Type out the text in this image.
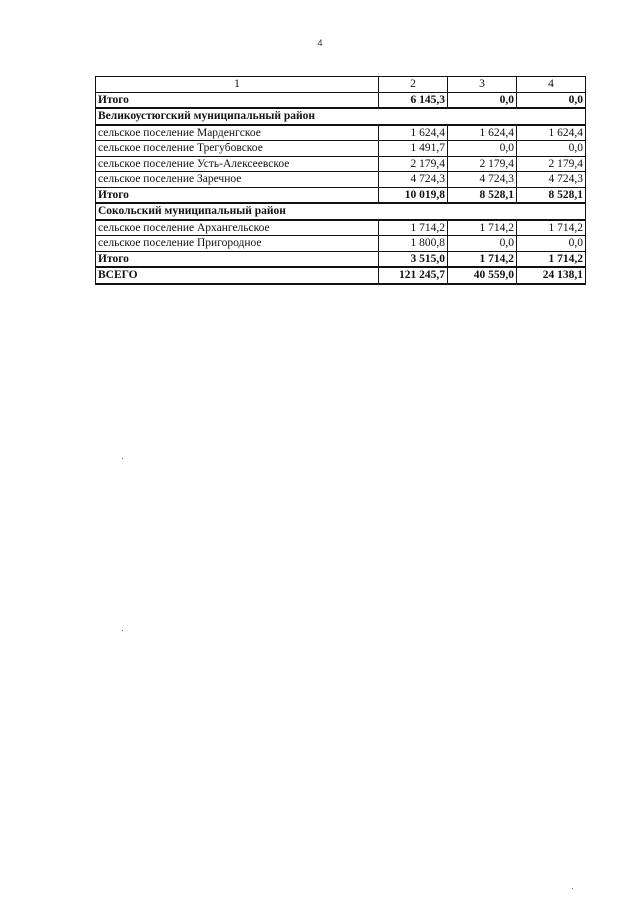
4
1	2	3	4
Итого	6 145,3	0,0	0,0
Великоустюгский муниципальный район			
сельское поселение Марденгское	1 624,4	1 624,4	1 624,4
сельское поселение Трегубовское	1 491,7	0,0	0,0
сельское поселение Усть-Алексеевское	2 179,4	2 179,4	2 179,4
сельское поселение Заречное	4 724,3	4 724,3	4 724,3
Итого	10 019,8	8 528,1	8 528,1
Сокольский муниципальный район			
сельское поселение Архангельское	1 714,2	1 714,2	1 714,2
сельское поселение Пригородное	1 800,8	0,0	0,0
Итого	3 515,0	1 714,2	1 714,2
ВСЕГО	121 245,7	40 559,0	24 138,1
